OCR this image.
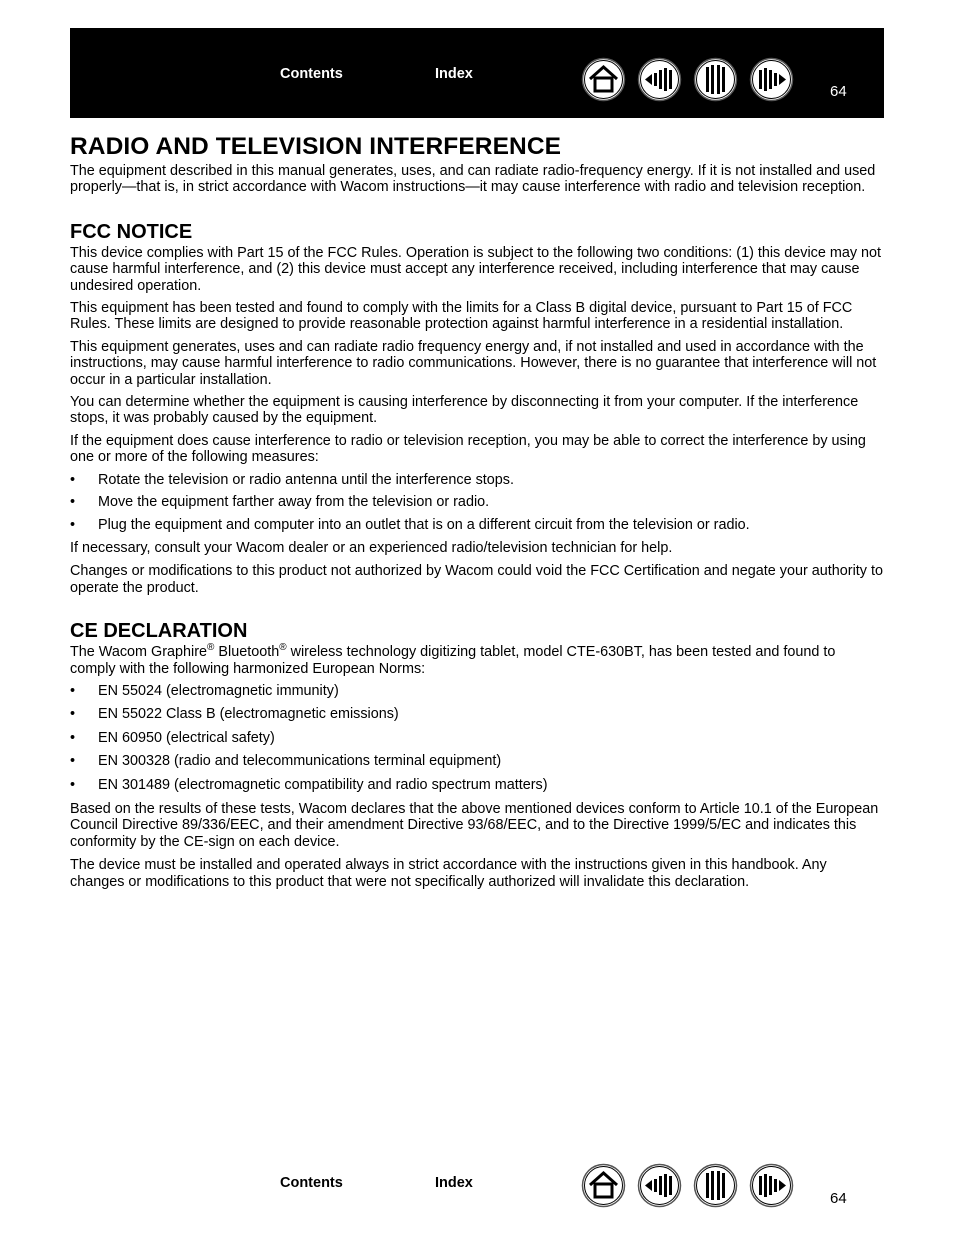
Contents	Index
64
RADIO AND TELEVISION INTERFERENCE

The equipment described in this manual generates, uses, and can radiate radio-frequency energy. If it is not installed and used properly—that is, in strict accordance with Wacom instructions—it may cause interference with radio and television reception.

FCC NOTICE

This device complies with Part 15 of the FCC Rules. Operation is subject to the following two conditions: (1) this device may not cause harmful interference, and (2) this device must accept any interference received, including interference that may cause undesired operation.

This equipment has been tested and found to comply with the limits for a Class B digital device, pursuant to Part 15 of FCC Rules. These limits are designed to provide reasonable protection against harmful interference in a residential installation.

This equipment generates, uses and can radiate radio frequency energy and, if not installed and used in accordance with the instructions, may cause harmful interference to radio communications. However, there is no guarantee that interference will not occur in a particular installation.

You can determine whether the equipment is causing interference by disconnecting it from your computer. If the interference stops, it was probably caused by the equipment.

If the equipment does cause interference to radio or television reception, you may be able to correct the interference by using one or more of the following measures:

• Rotate the television or radio antenna until the interference stops.
• Move the equipment farther away from the television or radio.
• Plug the equipment and computer into an outlet that is on a different circuit from the television or radio.

If necessary, consult your Wacom dealer or an experienced radio/television technician for help.

Changes or modifications to this product not authorized by Wacom could void the FCC Certification and negate your authority to operate the product.

CE DECLARATION

The Wacom Graphire® Bluetooth® wireless technology digitizing tablet, model CTE-630BT, has been tested and found to comply with the following harmonized European Norms:

• EN 55024 (electromagnetic immunity)
• EN 55022 Class B (electromagnetic emissions)
• EN 60950 (electrical safety)
• EN 300328 (radio and telecommunications terminal equipment)
• EN 301489 (electromagnetic compatibility and radio spectrum matters)

Based on the results of these tests, Wacom declares that the above mentioned devices conform to Article 10.1 of the European Council Directive 89/336/EEC, and their amendment Directive 93/68/EEC, and to the Directive 1999/5/EC and indicates this conformity by the CE-sign on each device.

The device must be installed and operated always in strict accordance with the instructions given in this handbook. Any changes or modifications to this product that were not specifically authorized will invalidate this declaration.

Contents	Index
64
